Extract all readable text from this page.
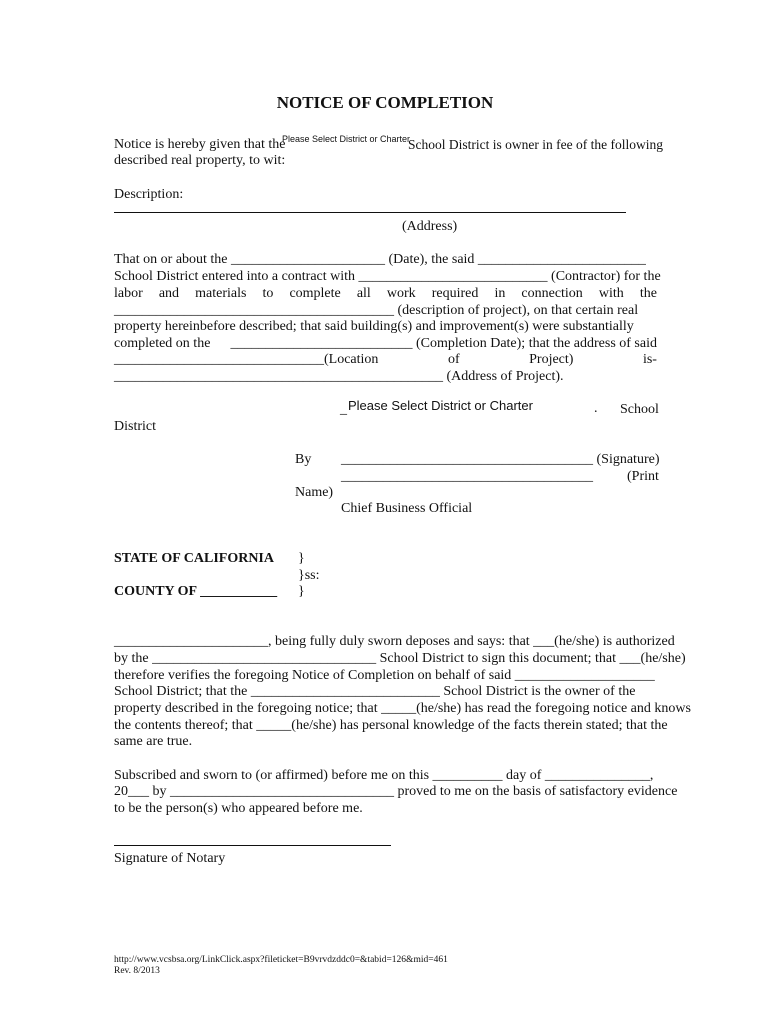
NOTICE OF COMPLETION
Notice is hereby given that the
Please Select District or Charter
School District is owner in fee of the following
described real property, to wit:
Description:
(Address)
That on or about the ______________________ (Date), the said ________________________
School District entered into a contract with ___________________________ (Contractor) for the
labor and materials to complete all work required in connection with the
________________________________________ (description of project), on that certain real
property hereinbefore described; that said building(s) and improvement(s) were substantially
completed on the __________________________ (Completion Date); that the address of said
______________________________(Location	of	Project)	is-
_______________________________________________ (Address of Project).
_ Please Select District or Charter	. School
District
By ____________________________________ (Signature)
____________________________________ (Print
Name)
Chief Business Official
STATE OF CALIFORNIA }
}ss:
COUNTY OF ___________ }
______________________, being fully duly sworn deposes and says: that ___(he/she) is authorized
by the ________________________________ School District to sign this document; that ___(he/she)
therefore verifies the foregoing Notice of Completion on behalf of said ____________________
School District; that the ___________________________ School District is the owner of the
property described in the foregoing notice; that _____(he/she) has read the foregoing notice and knows
the contents thereof; that _____(he/she) has personal knowledge of the facts therein stated; that the
same are true.
Subscribed and sworn to (or affirmed) before me on this __________ day of _______________,
20___ by ________________________________ proved to me on the basis of satisfactory evidence
to be the person(s) who appeared before me.
Signature of Notary
http://www.vcsbsa.org/LinkClick.aspx?fileticket=B9vrvdzddc0=&tabid=126&mid=461
Rev. 8/2013
